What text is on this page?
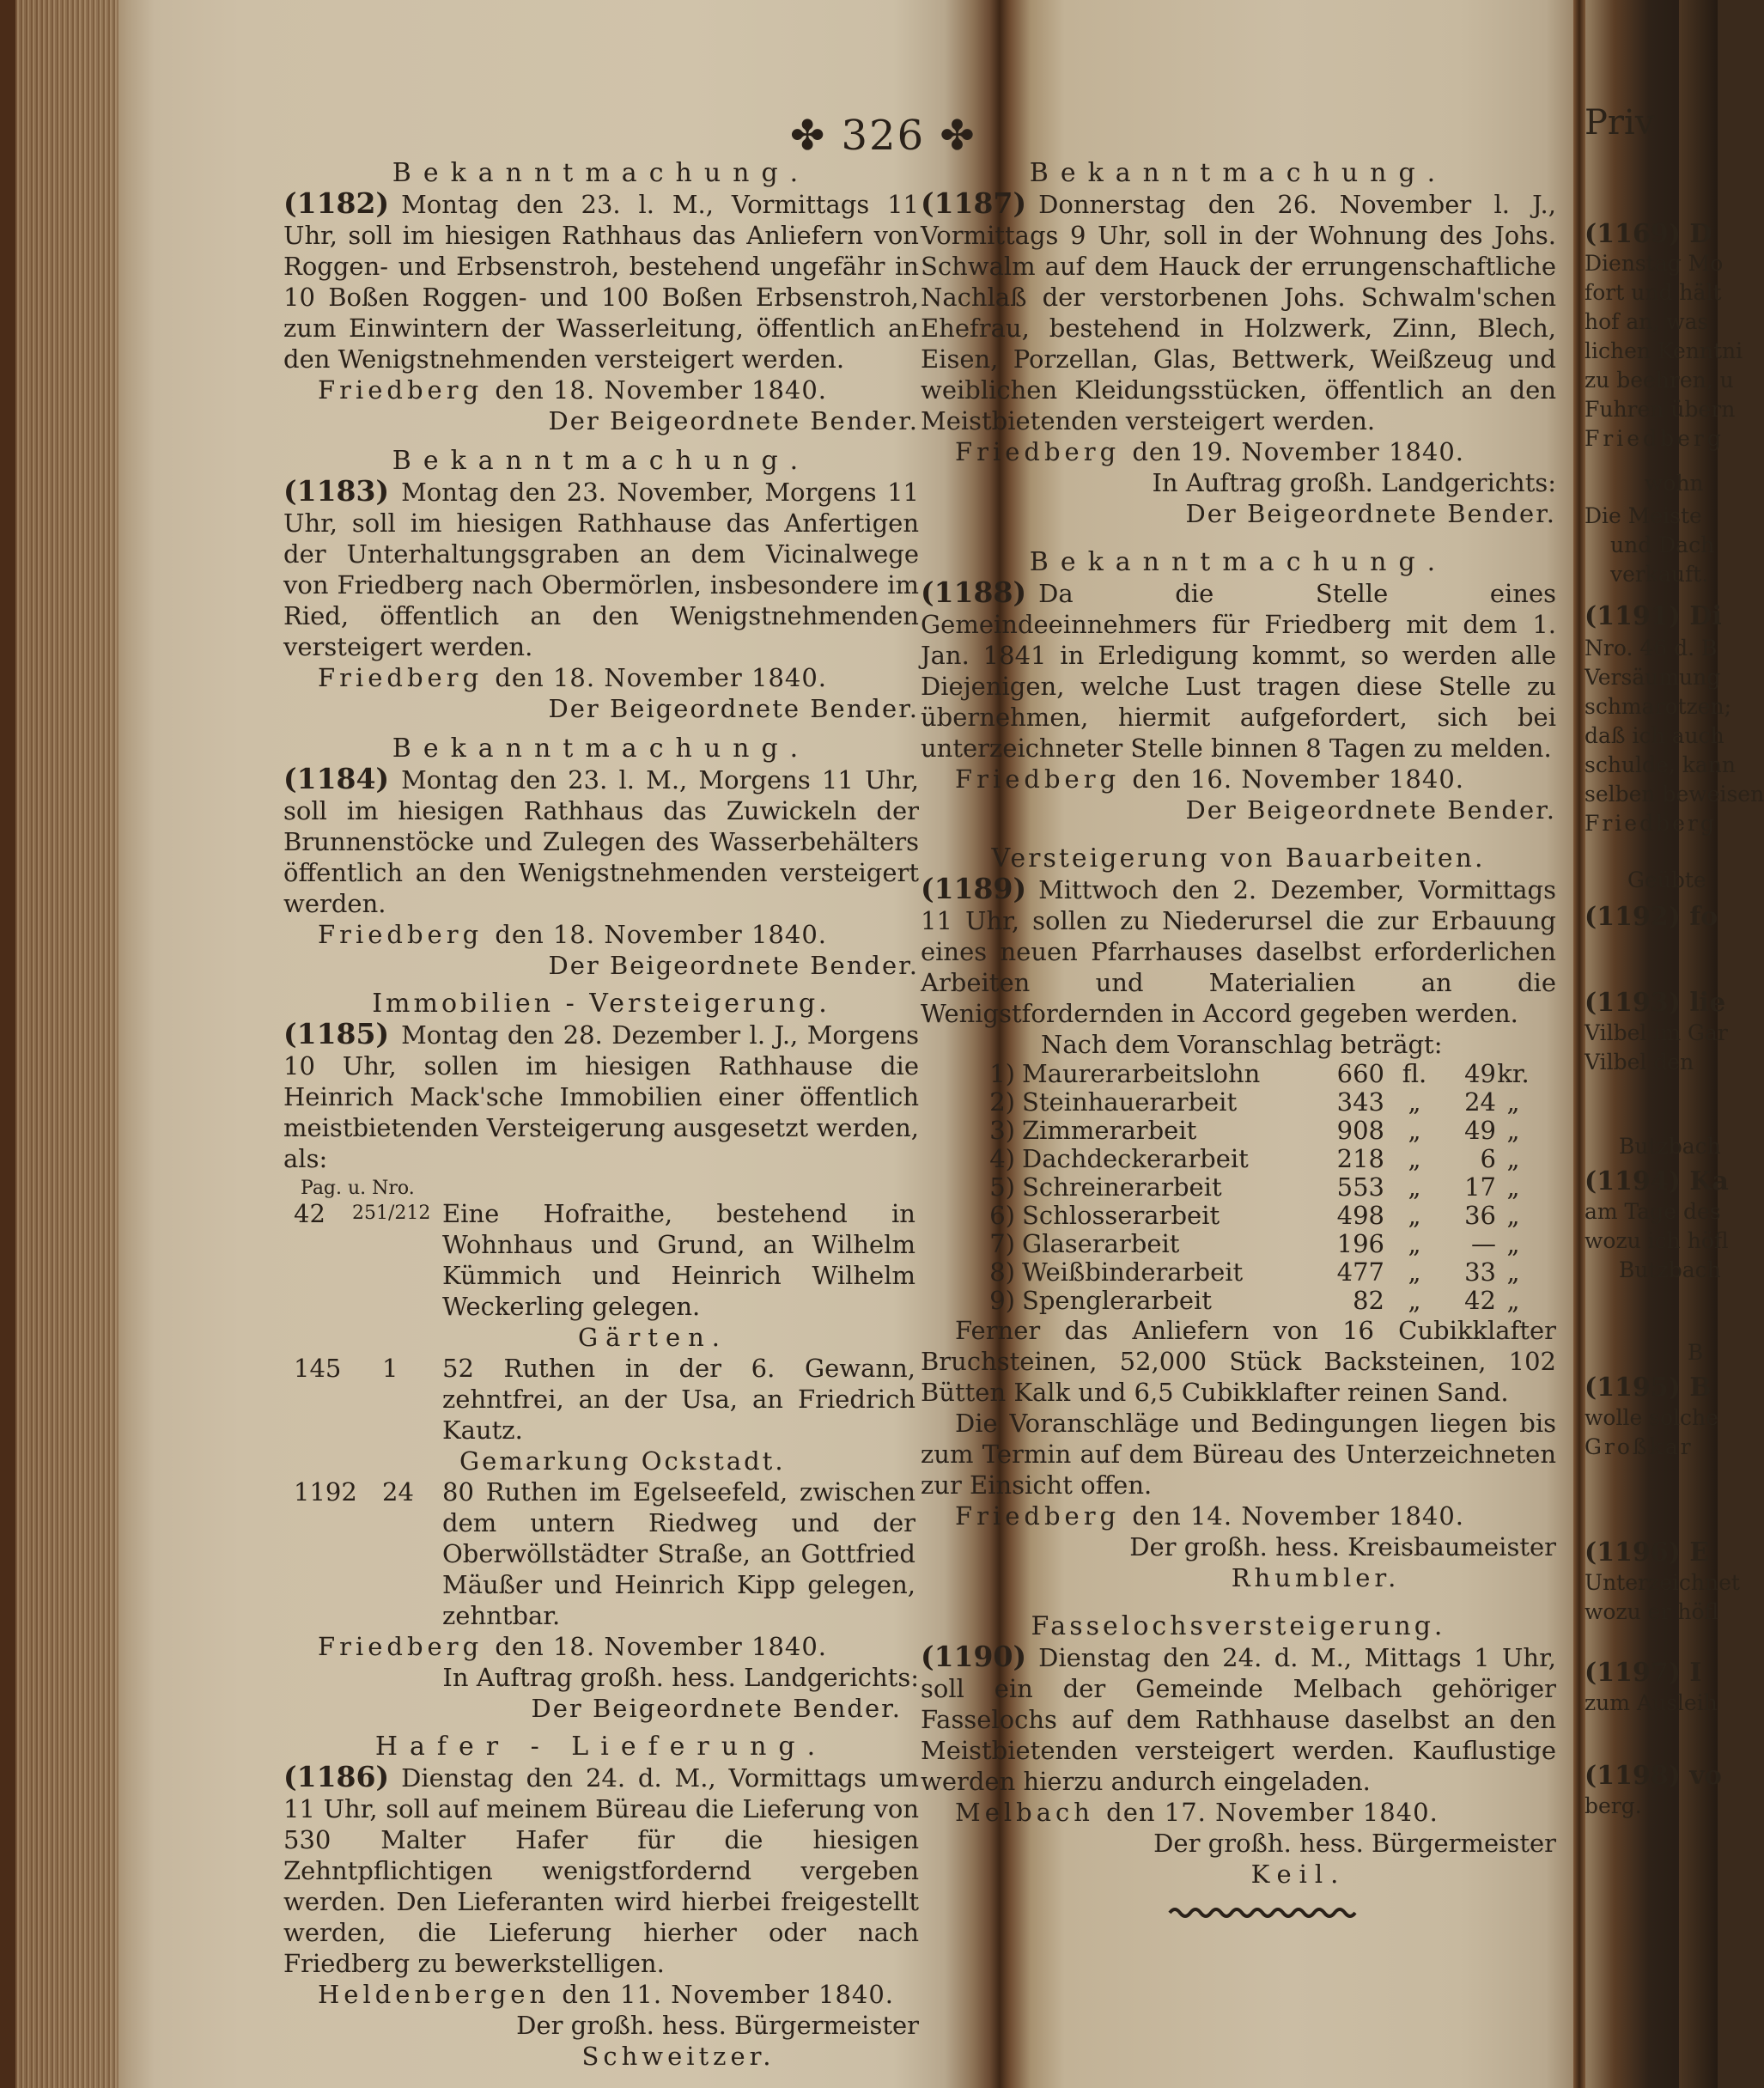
✤ 326 ✤

Bekanntmachung.

(1182) Montag den 23. l. M., Vormittags 11 Uhr, soll im hiesigen Rathhaus das Anliefern von Roggen- und Erbsenstroh, bestehend ungefähr in 10 Boßen Roggen- und 100 Boßen Erbsenstroh, zum Einwintern der Wasserleitung, öffentlich an den Wenigstnehmenden versteigert werden.

Friedberg den 18. November 1840.

Der Beigeordnete Bender.

Bekanntmachung.

(1183) Montag den 23. November, Morgens 11 Uhr, soll im hiesigen Rathhause das Anfertigen der Unterhaltungsgraben an dem Vicinalwege von Friedberg nach Obermörlen, insbesondere im Ried, öffentlich an den Wenigstnehmenden versteigert werden.

Friedberg den 18. November 1840.

Der Beigeordnete Bender.

Bekanntmachung.

(1184) Montag den 23. l. M., Morgens 11 Uhr, soll im hiesigen Rathhaus das Zuwickeln der Brunnenstöcke und Zulegen des Wasserbehälters öffentlich an den Wenigstnehmenden versteigert werden.

Friedberg den 18. November 1840.

Der Beigeordnete Bender.

Immobilien - Versteigerung.

(1185) Montag den 28. Dezember l. J., Morgens 10 Uhr, sollen im hiesigen Rathhause die Heinrich Mack'sche Immobilien einer öffentlich meistbietenden Versteigerung ausgesetzt werden, als:

Pag. u. Nro.

42	251/212 Eine Hofraithe, bestehend in Wohnhaus und Grund, an Wilhelm Kümmich und Heinrich Wilhelm Weckerling gelegen.

Gärten.

145	1	52 Ruthen in der 6. Gewann, zehntfrei, an der Usa, an Friedrich Kautz.

Gemarkung Ockstadt.

1192	24	80 Ruthen im Egelseefeld, zwischen dem untern Riedweg und der Oberwöllstädter Straße, an Gottfried Mäußer und Heinrich Kipp gelegen, zehntbar.

Friedberg den 18. November 1840.

In Auftrag großh. hess. Landgerichts:

Der Beigeordnete Bender.

Hafer - Lieferung.

(1186) Dienstag den 24. d. M., Vormittags um 11 Uhr, soll auf meinem Büreau die Lieferung von 530 Malter Hafer für die hiesigen Zehntpflichtigen wenigstfordernd vergeben werden. Den Lieferanten wird hierbei freigestellt werden, die Lieferung hierher oder nach Friedberg zu bewerkstelligen.

Heldenbergen den 11. November 1840.

Der großh. hess. Bürgermeister

Schweitzer.

Bekanntmachung.

(1187) Donnerstag den 26. November l. J., Vormittags 9 Uhr, soll in der Wohnung des Johs. Schwalm auf dem Hauck der errungenschaftliche Nachlaß der verstorbenen Johs. Schwalm'schen Ehefrau, bestehend in Holzwerk, Zinn, Blech, Eisen, Porzellan, Glas, Bettwerk, Weißzeug und weiblichen Kleidungsstücken, öffentlich an den Meistbietenden versteigert werden.

Friedberg den 19. November 1840.

In Auftrag großh. Landgerichts:

Der Beigeordnete Bender.

Bekanntmachung.

(1188) Da die Stelle eines Gemeindeeinnehmers für Friedberg mit dem 1. Jan. 1841 in Erledigung kommt, so werden alle Diejenigen, welche Lust tragen diese Stelle zu übernehmen, hiermit aufgefordert, sich bei unterzeichneter Stelle binnen 8 Tagen zu melden.

Friedberg den 16. November 1840.

Der Beigeordnete Bender.

Versteigerung von Bauarbeiten.

(1189) Mittwoch den 2. Dezember, Vormittags 11 Uhr, sollen zu Niederursel die zur Erbauung eines neuen Pfarrhauses daselbst erforderlichen Arbeiten und Materialien an die Wenigstfordernden in Accord gegeben werden.

Nach dem Voranschlag beträgt:

1) Maurerarbeitslohn	660 fl.	49 kr.
2) Steinhauerarbeit	343 „	24 „
3) Zimmerarbeit	908 „	49 „
4) Dachdeckerarbeit	218 „	6 „
5) Schreinerarbeit	553 „	17 „
6) Schlosserarbeit	498 „	36 „
7) Glaserarbeit	196 „	— „
8) Weißbinderarbeit	477 „	33 „
9) Spenglerarbeit	82 „	42 „

Ferner das Anliefern von 16 Cubikklafter Bruchsteinen, 52,000 Stück Backsteinen, 102 Bütten Kalk und 6,5 Cubikklafter reinen Sand.

Die Voranschläge und Bedingungen liegen bis zum Termin auf dem Büreau des Unterzeichneten zur Einsicht offen.

Friedberg den 14. November 1840.

Der großh. hess. Kreisbaumeister

Rhumbler.

Fasselochsversteigerung.

(1190) Dienstag den 24. d. M., Mittags 1 Uhr, soll ein der Gemeinde Melbach gehöriger Fasselochs auf dem Rathhause daselbst an den Meistbietenden versteigert werden. Kauflustige werden hierzu andurch eingeladen.

Melbach den 17. November 1840.

Der großh. hess. Bürgermeister

Keil.

Priv
(1169) D
Dienstag Mo
fort und hält
hof an, was
lichen Kenntni
zu beehren, u
Fuhren übern
Friedberg
wohn
Die Meiste
und Dach
verkauft.
(1191) Di
Nro. 46 d. B
Versäumung
schmarotzen;
daß ich auch
schulde, kann
selben beweisen
Friedberg
Geübte
(1192) fo
(1193) lie
Vilbel im Gar
Vilbel den
Butzbach
(1194) Ka
am Tage des
wozu ich höfl
Butzbach
B
(1195) B
wolle solche
Großkar
(1196) E
Unterzeichnet
wozu er höfl
(1197) I
zum Ausleih
(1198) vo
berg.
